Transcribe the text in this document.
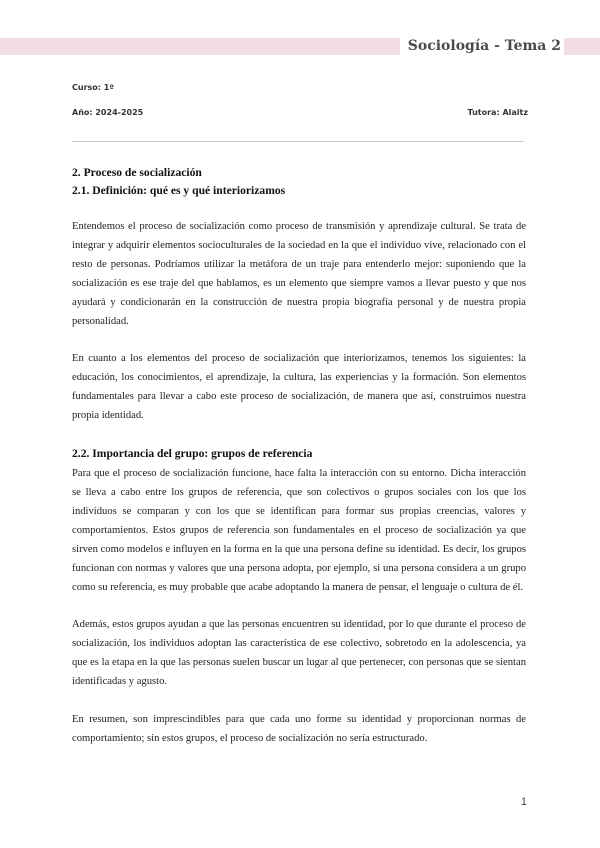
Sociología - Tema 2
Curso: 1º
Año: 2024-2025	Tutora: Alaitz
2. Proceso de socialización
2.1. Definición: qué es y qué interiorizamos

Entendemos el proceso de socialización como proceso de transmisión y aprendizaje cultural. Se trata de integrar y adquirir elementos socioculturales de la sociedad en la que el individuo vive, relacionado con el resto de personas. Podríamos utilizar la metáfora de un traje para entenderlo mejor: suponiendo que la socialización es ese traje del que hablamos, es un elemento que siempre vamos a llevar puesto y que nos ayudará y condicionarán en la construcción de nuestra propia biografía personal y de nuestra propia personalidad.

En cuanto a los elementos del proceso de socialización que interiorizamos, tenemos los siguientes: la educación, los conocimientos, el aprendizaje, la cultura, las experiencias y la formación. Son elementos fundamentales para llevar a cabo este proceso de socialización, de manera que así, construimos nuestra propia identidad.

2.2. Importancia del grupo: grupos de referencia

Para que el proceso de socialización funcione, hace falta la interacción con su entorno. Dicha interacción se lleva a cabo entre los grupos de referencia, que son colectivos o grupos sociales con los que los individuos se comparan y con los que se identifican para formar sus propias creencias, valores y comportamientos. Estos grupos de referencia son fundamentales en el proceso de socialización ya que sirven como modelos e influyen en la forma en la que una persona define su identidad. Es decir, los grupos funcionan con normas y valores que una persona adopta, por ejemplo, si una persona considera a un grupo como su referencia, es muy probable que acabe adoptando la manera de pensar, el lenguaje o cultura de él.

Además, estos grupos ayudan a que las personas encuentren su identidad, por lo que durante el proceso de socialización, los individuos adoptan las característica de ese colectivo, sobretodo en la adolescencia, ya que es la etapa en la que las personas suelen buscar un lugar al que pertenecer, con personas que se sientan identificadas y agusto.

En resumen, son imprescindibles para que cada uno forme su identidad y proporcionan normas de comportamiento; sin estos grupos, el proceso de socialización no sería estructurado.

1
